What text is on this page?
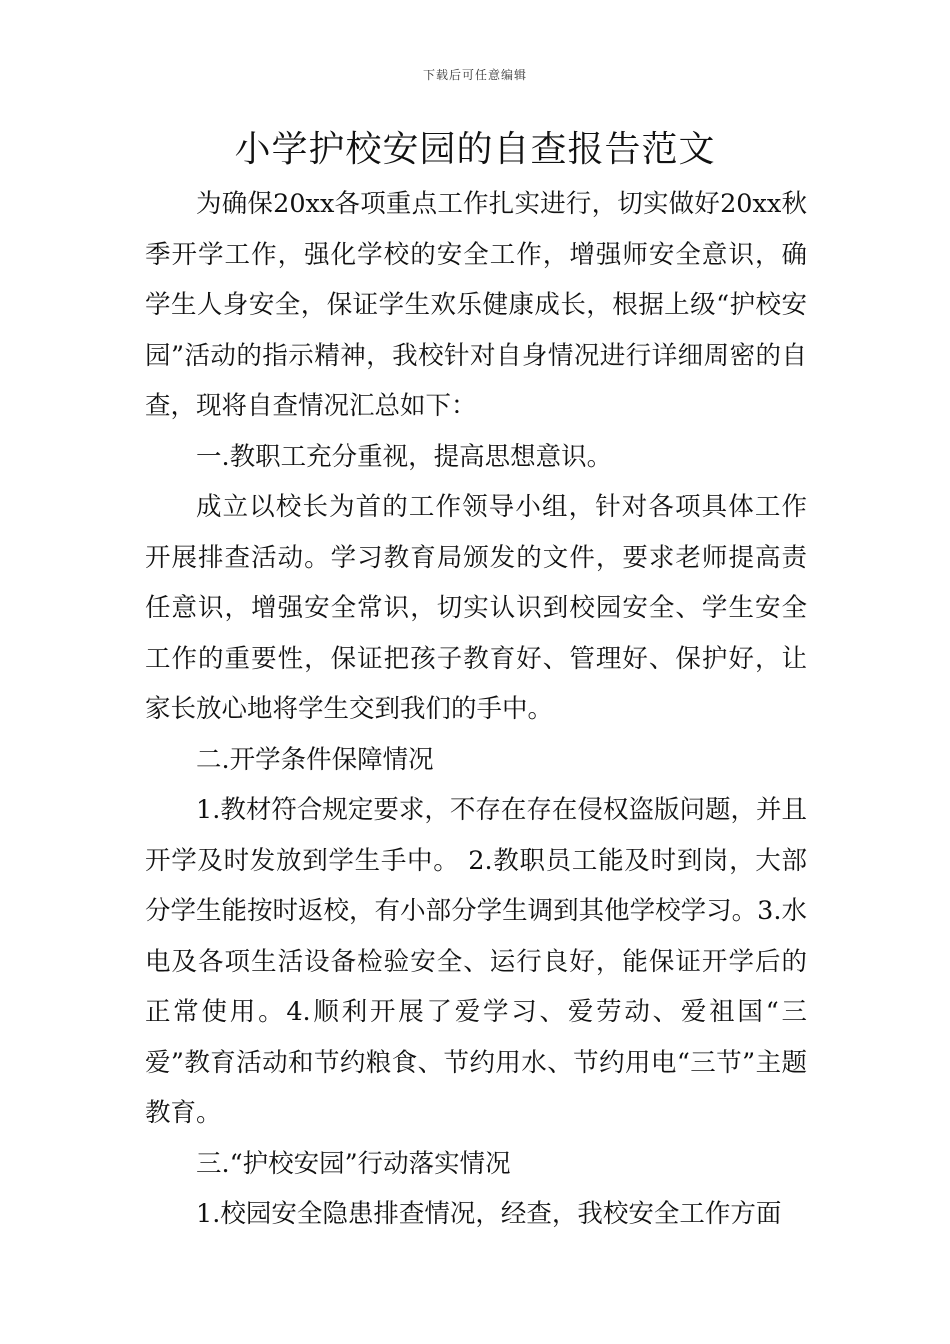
下载后可任意编辑
小学护校安园的自查报告范文

为确保20xx各项重点工作扎实进行，切实做好20xx秋季开学工作，强化学校的安全工作，增强师安全意识，确学生人身安全，保证学生欢乐健康成长，根据上级“护校安园”活动的指示精神，我校针对自身情况进行详细周密的自查，现将自查情况汇总如下：

一.教职工充分重视，提高思想意识。

成立以校长为首的工作领导小组，针对各项具体工作开展排查活动。学习教育局颁发的文件，要求老师提高责任意识，增强安全常识，切实认识到校园安全、学生安全工作的重要性，保证把孩子教育好、管理好、保护好，让家长放心地将学生交到我们的手中。

二.开学条件保障情况

1.教材符合规定要求，不存在存在侵权盗版问题，并且开学及时发放到学生手中。 2.教职员工能及时到岗，大部分学生能按时返校，有小部分学生调到其他学校学习。3.水电及各项生活设备检验安全、运行良好，能保证开学后的正常使用。4.顺利开展了爱学习、爱劳动、爱祖国“三爱”教育活动和节约粮食、节约用水、节约用电“三节”主题教育。

三.“护校安园”行动落实情况

1.校园安全隐患排查情况，经查，我校安全工作方面
